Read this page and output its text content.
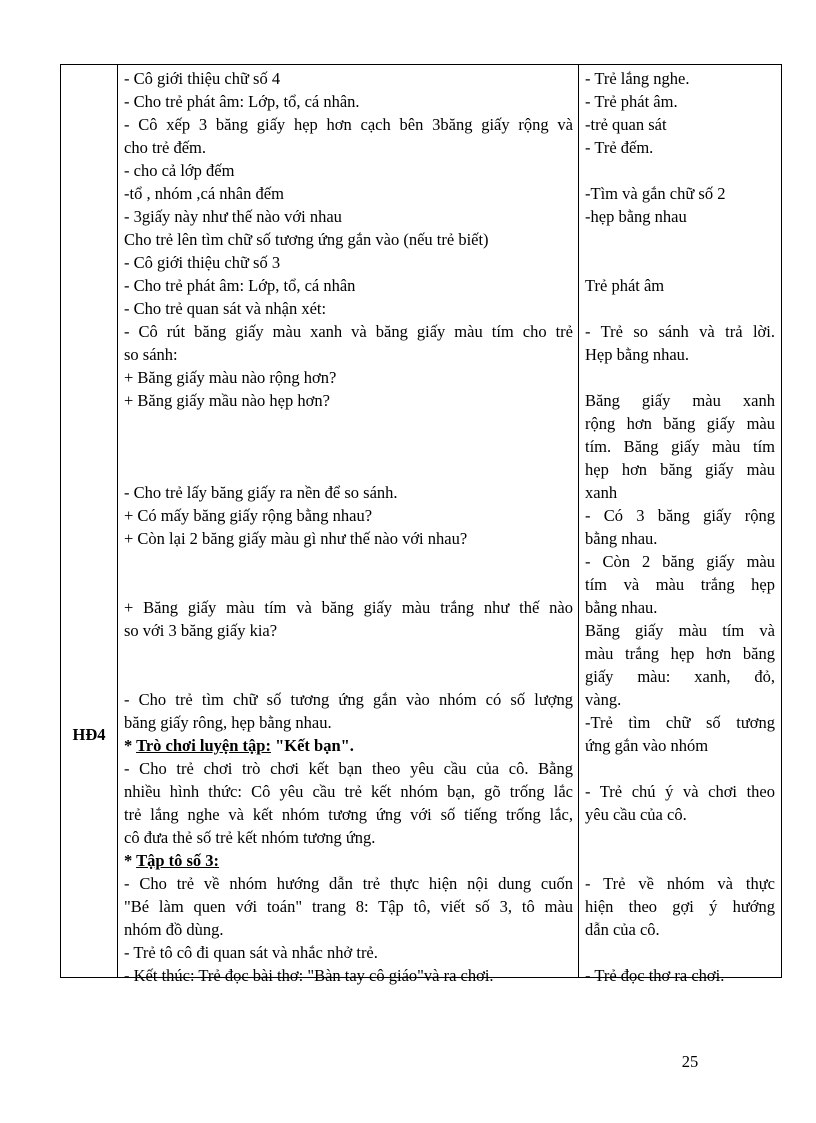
HĐ4
- Cô giới thiệu chữ số 4
- Cho trẻ phát âm: Lớp, tổ, cá nhân.
- Cô xếp 3 băng giấy hẹp hơn cạch bên 3băng giấy rộng và
cho trẻ đếm.
- cho cả lớp đếm
-tổ , nhóm ,cá nhân đếm
- 3giấy này như thế nào với nhau
Cho trẻ lên tìm chữ số tương ứng gắn vào (nếu trẻ biết)
- Cô giới thiệu chữ số 3
- Cho trẻ phát âm: Lớp, tổ, cá nhân
- Cho trẻ quan sát và nhận xét:
- Cô rút băng giấy màu xanh và băng giấy màu tím cho trẻ
so sánh:
+ Băng giấy màu nào rộng hơn?
+ Băng giấy mầu nào hẹp hơn?
- Cho trẻ lấy băng giấy ra nền để so sánh.
+ Có mấy băng giấy rộng bằng nhau?
+ Còn lại 2 băng giấy màu gì như thế nào với nhau?
+ Băng giấy màu tím và băng giấy màu trắng như thế nào
so với 3 băng giấy kia?
- Cho trẻ tìm chữ số tương ứng gắn vào nhóm có số lượng
băng giấy rông, hẹp bằng nhau.
* Trò chơi luyện tập: "Kết bạn".
- Cho trẻ chơi trò chơi kết bạn theo yêu cầu của cô. Bằng
nhiều hình thức: Cô yêu cầu trẻ kết nhóm bạn, gõ trống lắc
trẻ lắng nghe và kết nhóm tương ứng với số tiếng trống lắc,
cô đưa thẻ số trẻ kết nhóm tương ứng.
* Tập tô số 3:
- Cho trẻ về nhóm hướng dẫn trẻ thực hiện nội dung cuốn
"Bé làm quen với toán" trang 8: Tập tô, viết số 3, tô màu
nhóm đồ dùng.
- Trẻ tô cô đi quan sát và nhắc nhở trẻ.
- Kết thúc: Trẻ đọc bài thơ: "Bàn tay cô giáo"và ra chơi.
- Trẻ lắng nghe.
- Trẻ phát âm.
-trẻ quan sát
- Trẻ đếm.
-Tìm và gắn chữ số 2
-hẹp bằng nhau
Trẻ phát âm
- Trẻ so sánh và trả lời.
Hẹp bằng nhau.
Băng giấy màu xanh
rộng hơn băng giấy màu
tím. Băng giấy màu tím
hẹp hơn băng giấy màu
xanh
- Có 3 băng giấy rộng
bằng nhau.
- Còn 2 băng giấy màu
tím và màu trắng hẹp
bằng nhau.
Băng giấy màu tím và
màu trắng hẹp hơn băng
giấy màu: xanh, đỏ,
vàng.
-Trẻ tìm chữ số tương
ứng gắn vào nhóm
- Trẻ chú ý và chơi theo
yêu cầu của cô.
- Trẻ về nhóm và thực
hiện theo gợi ý hướng
dẫn của cô.
- Trẻ đọc thơ ra chơi.
25
